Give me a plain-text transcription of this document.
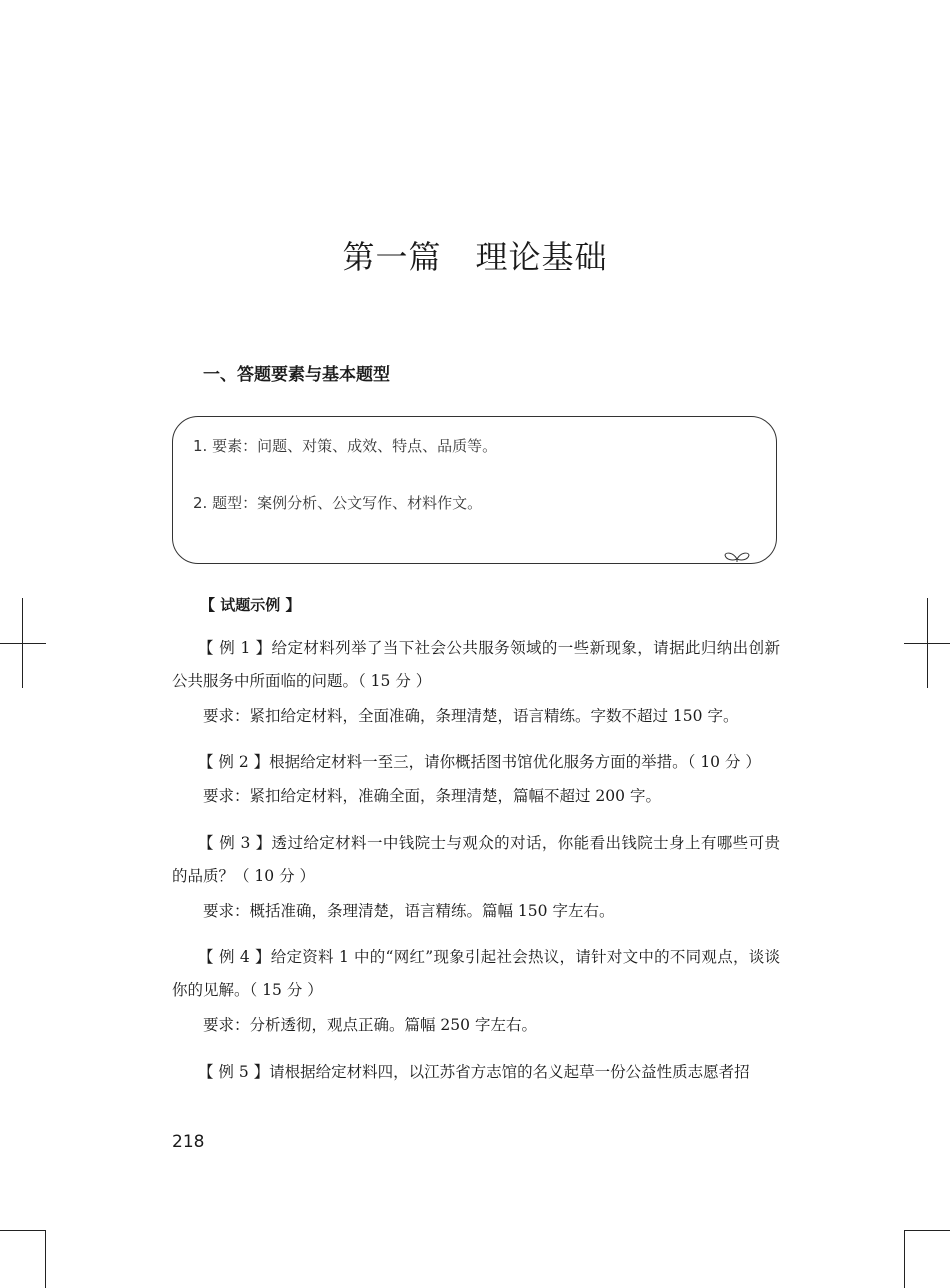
第一篇 理论基础
一、答题要素与基本题型
1. 要素：问题、对策、成效、特点、品质等。
2. 题型：案例分析、公文写作、材料作文。
【 试题示例 】
【 例 1 】给定材料列举了当下社会公共服务领域的一些新现象，请据此归纳出创新公共服务中所面临的问题。（ 15 分 ）
要求：紧扣给定材料，全面准确，条理清楚，语言精练。字数不超过 150 字。
【 例 2 】根据给定材料一至三，请你概括图书馆优化服务方面的举措。（ 10 分 ）
要求：紧扣给定材料，准确全面，条理清楚，篇幅不超过 200 字。
【 例 3 】透过给定材料一中钱院士与观众的对话，你能看出钱院士身上有哪些可贵的品质？（ 10 分 ）
要求：概括准确，条理清楚，语言精练。篇幅 150 字左右。
【 例 4 】给定资料 1 中的“网红”现象引起社会热议，请针对文中的不同观点，谈谈你的见解。（ 15 分 ）
要求：分析透彻，观点正确。篇幅 250 字左右。
【 例 5 】请根据给定材料四，以江苏省方志馆的名义起草一份公益性质志愿者招
218
